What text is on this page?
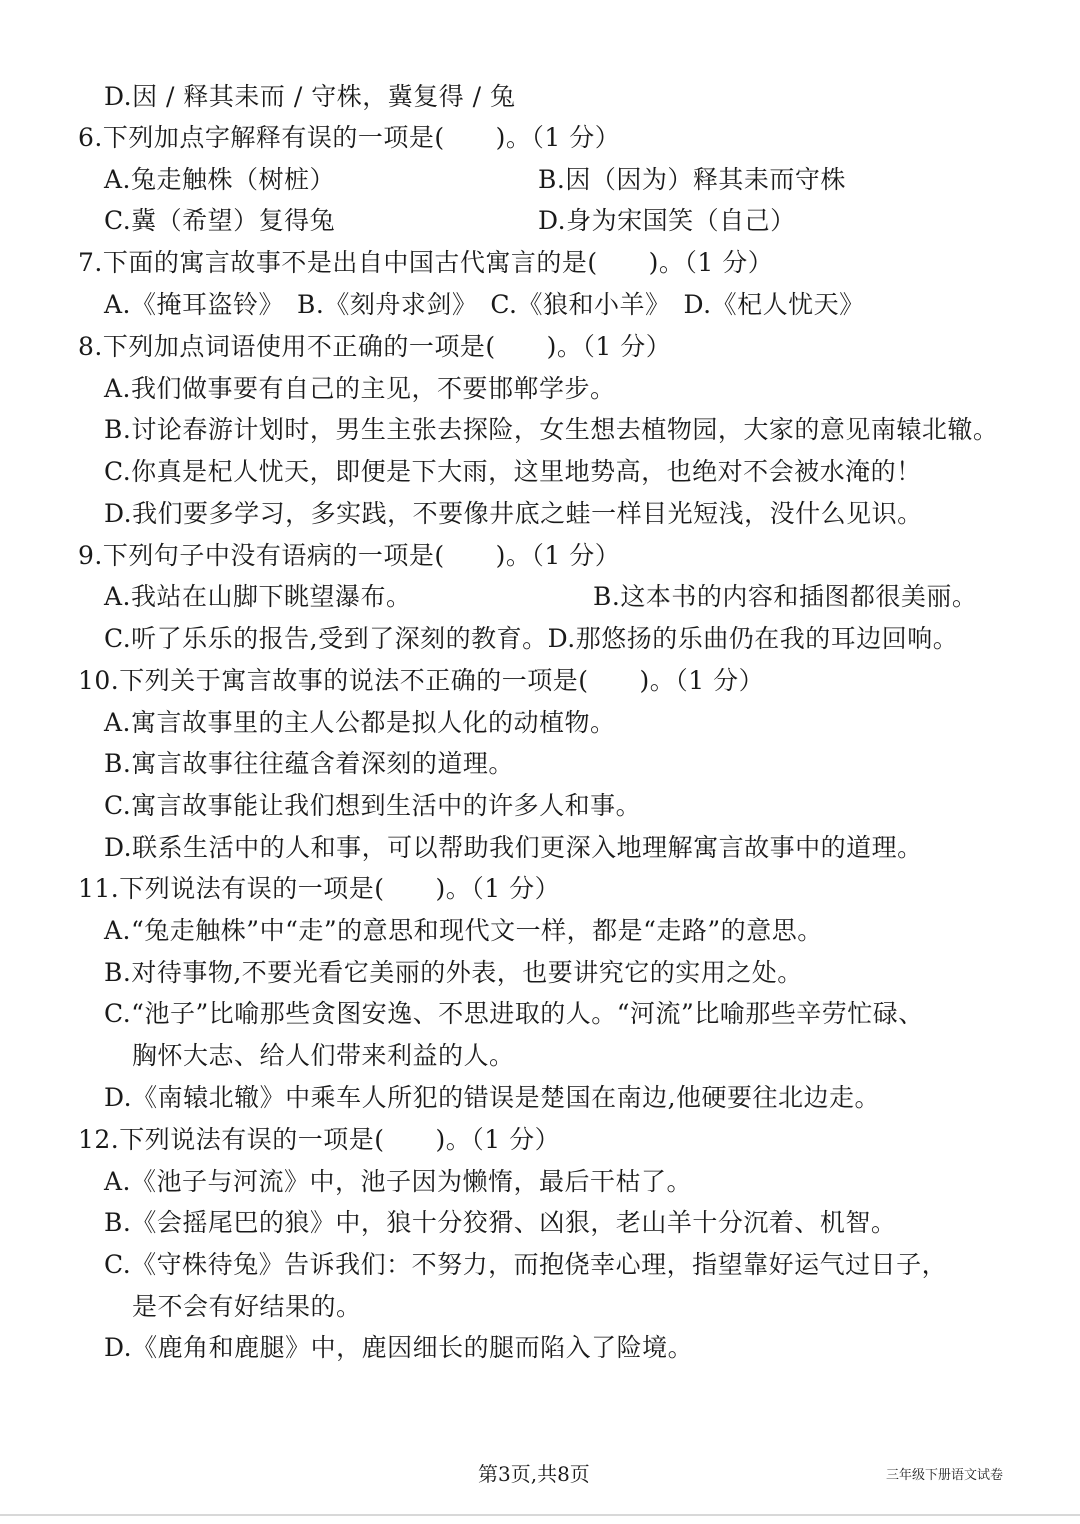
D.因 / 释其耒而 / 守株，冀复得 / 兔
6.下列加点字解释有误的一项是(　　)。（1 分）
A.兔走触株（树桩）	B.因（因为）释其耒而守株
C.冀（希望）复得兔	D.身为宋国笑（自己）
7.下面的寓言故事不是出自中国古代寓言的是(　　)。（1 分）
A.《掩耳盗铃》　B.《刻舟求剑》　C.《狼和小羊》　D.《杞人忧天》
8.下列加点词语使用不正确的一项是(　　)。（1 分）
A.我们做事要有自己的主见，不要邯郸学步。
B.讨论春游计划时，男生主张去探险，女生想去植物园，大家的意见南辕北辙。
C.你真是杞人忧天，即便是下大雨，这里地势高，也绝对不会被水淹的！
D.我们要多学习，多实践，不要像井底之蛙一样目光短浅，没什么见识。
9.下列句子中没有语病的一项是(　　)。（1 分）
A.我站在山脚下眺望瀑布。	B.这本书的内容和插图都很美丽。
C.听了乐乐的报告,受到了深刻的教育。D.那悠扬的乐曲仍在我的耳边回响。
10.下列关于寓言故事的说法不正确的一项是(　　)。（1 分）
A.寓言故事里的主人公都是拟人化的动植物。
B.寓言故事往往蕴含着深刻的道理。
C.寓言故事能让我们想到生活中的许多人和事。
D.联系生活中的人和事，可以帮助我们更深入地理解寓言故事中的道理。
11.下列说法有误的一项是(　　)。（1 分）
A.“兔走触株”中“走”的意思和现代文一样，都是“走路”的意思。
B.对待事物,不要光看它美丽的外表，也要讲究它的实用之处。
C.“池子”比喻那些贪图安逸、不思进取的人。“河流”比喻那些辛劳忙碌、
胸怀大志、给人们带来利益的人。
D.《南辕北辙》中乘车人所犯的错误是楚国在南边,他硬要往北边走。
12.下列说法有误的一项是(　　)。（1 分）
A.《池子与河流》中，池子因为懒惰，最后干枯了。
B.《会摇尾巴的狼》中，狼十分狡猾、凶狠，老山羊十分沉着、机智。
C.《守株待兔》告诉我们：不努力，而抱侥幸心理，指望靠好运气过日子，
是不会有好结果的。
D.《鹿角和鹿腿》中，鹿因细长的腿而陷入了险境。
第3页,共8页	三年级下册语文试卷
